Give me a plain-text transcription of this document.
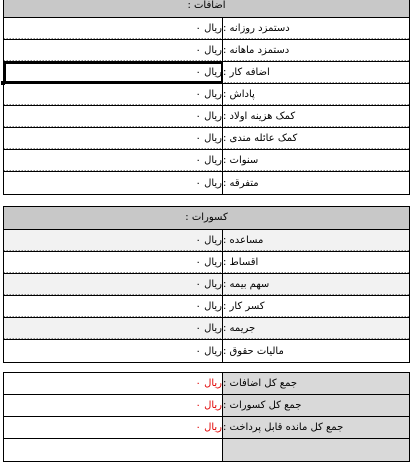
اضافات :
ریال ۰ دستمزد روزانه :
ریال ۰ دستمزد ماهانه :
ریال ۰ اضافه کار :
ریال ۰ پاداش :
ریال ۰ کمک هزینه اولاد :
ریال ۰ کمک عائله مندی :
ریال ۰ سنوات :
ریال ۰ متفرقه :
کسورات :
ریال ۰ مساعده :
ریال ۰ اقساط :
ریال ۰ سهم بیمه :
ریال ۰ کسر کار :
ریال ۰ جریمه :
ریال ۰ مالیات حقوق :
ریال ۰ جمع کل اضافات :
ریال ۰ جمع کل کسورات :
ریال ۰ جمع کل مانده قابل پرداخت :
